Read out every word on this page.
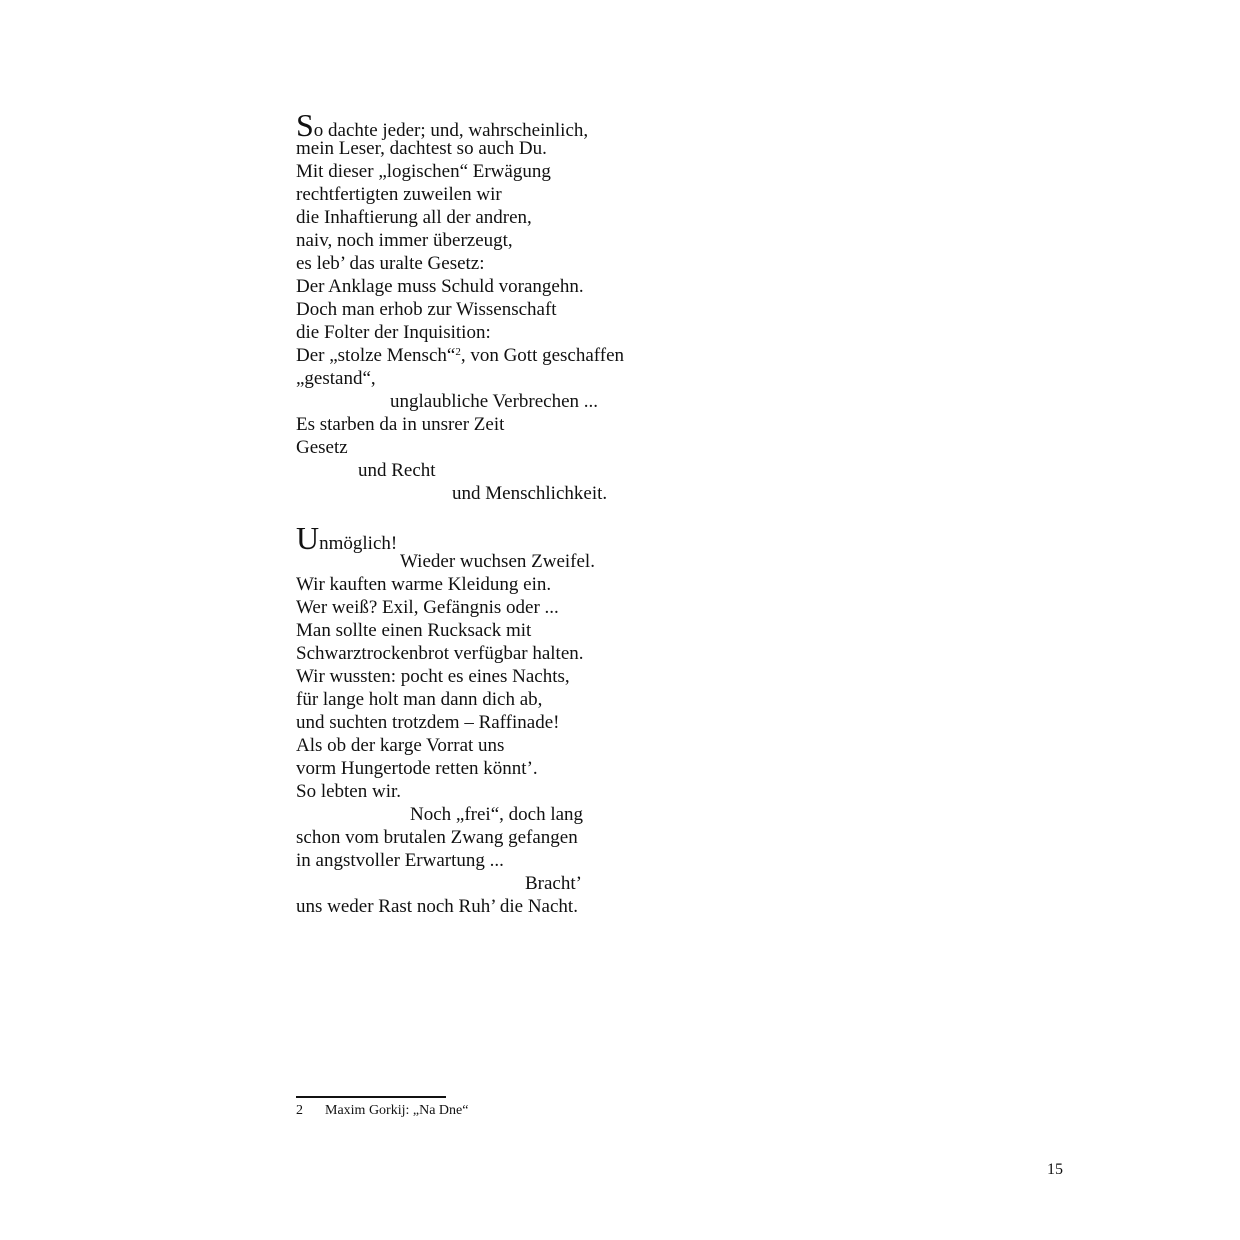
So dachte jeder; und, wahrscheinlich,
mein Leser, dachtest so auch Du.
Mit dieser „logischen“ Erwägung
rechtfertigten zuweilen wir
die Inhaftierung all der andren,
naiv, noch immer überzeugt,
es leb’ das uralte Gesetz:
Der Anklage muss Schuld vorangehn.
Doch man erhob zur Wissenschaft
die Folter der Inquisition:
Der „stolze Mensch“$^2$, von Gott geschaffen
„gestand“,
unglaubliche Verbrechen ...
Es starben da in unsrer Zeit
Gesetz
und Recht
und Menschlichkeit.
Unmöglich!
Wieder wuchsen Zweifel.
Wir kauften warme Kleidung ein.
Wer weiß? Exil, Gefängnis oder ...
Man sollte einen Rucksack mit
Schwarztrockenbrot verfügbar halten.
Wir wussten: pocht es eines Nachts,
für lange holt man dann dich ab,
und suchten trotzdem – Raffinade!
Als ob der karge Vorrat uns
vorm Hungertode retten könnt’.
So lebten wir.
Noch „frei“, doch lang
schon vom brutalen Zwang gefangen
in angstvoller Erwartung ...
Bracht’
uns weder Rast noch Ruh’ die Nacht.
2 Maxim Gorkij: „Na Dne“
15
